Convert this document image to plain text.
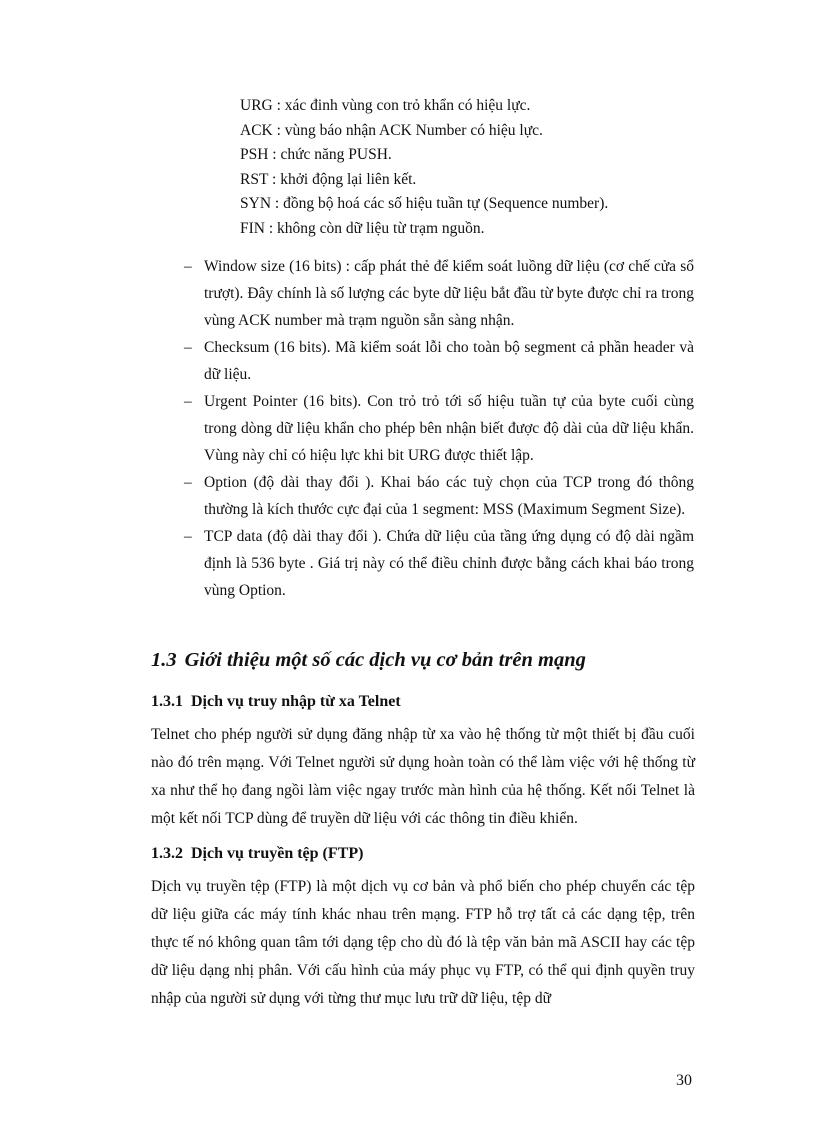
URG : xác đinh vùng con trỏ khẩn có hiệu lực.
ACK : vùng báo nhận ACK Number có hiệu lực.
PSH : chức năng PUSH.
RST : khởi động lại liên kết.
SYN : đồng bộ hoá các số hiệu tuần tự (Sequence number).
FIN : không còn dữ liệu từ trạm nguồn.
– Window size (16 bits) : cấp phát thẻ để kiểm soát luồng dữ liệu (cơ chế cửa sổ trượt). Đây chính là số lượng các byte dữ liệu bắt đầu từ byte được chỉ ra trong vùng ACK number mà trạm nguồn sẵn sàng nhận.
– Checksum (16 bits). Mã kiểm soát lỗi cho toàn bộ segment cả phần header và dữ liệu.
– Urgent Pointer (16 bits). Con trỏ trỏ tới số hiệu tuần tự của byte cuối cùng trong dòng dữ liệu khẩn cho phép bên nhận biết được độ dài của dữ liệu khẩn. Vùng này chỉ có hiệu lực khi bit URG được thiết lập.
– Option (độ dài thay đổi ). Khai báo các tuỳ chọn của TCP trong đó thông thường là kích thước cực đại của 1 segment: MSS (Maximum Segment Size).
– TCP data (độ dài thay đổi ). Chứa dữ liệu của tầng ứng dụng có độ dài ngầm định là 536 byte . Giá trị này có thể điều chỉnh được bằng cách khai báo trong vùng Option.
1.3 Giới thiệu một số các dịch vụ cơ bản trên mạng
1.3.1 Dịch vụ truy nhập từ xa Telnet
Telnet cho phép người sử dụng đăng nhập từ xa vào hệ thống từ một thiết bị đầu cuối nào đó trên mạng. Với Telnet người sử dụng hoàn toàn có thể làm việc với hệ thống từ xa như thể họ đang ngồi làm việc ngay trước màn hình của hệ thống. Kết nối Telnet là một kết nối TCP dùng để truyền dữ liệu với các thông tin điều khiển.
1.3.2 Dịch vụ truyền tệp (FTP)
Dịch vụ truyền tệp (FTP) là một dịch vụ cơ bản và phổ biến cho phép chuyển các tệp dữ liệu giữa các máy tính khác nhau trên mạng. FTP hỗ trợ tất cả các dạng tệp, trên thực tế nó không quan tâm tới dạng tệp cho dù đó là tệp văn bản mã ASCII hay các tệp dữ liệu dạng nhị phân. Với cấu hình của máy phục vụ FTP, có thể qui định quyền truy nhập của người sử dụng với từng thư mục lưu trữ dữ liệu, tệp dữ
30
